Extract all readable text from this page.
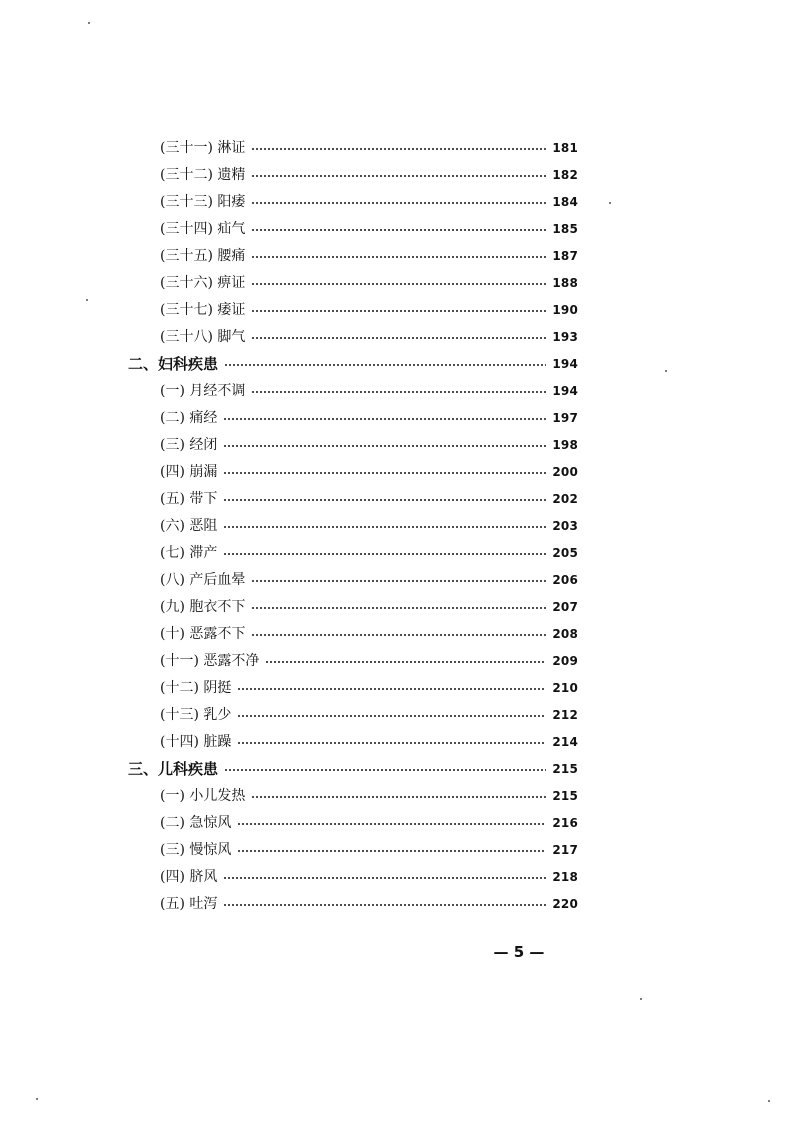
(三十一) 淋证	181
(三十二) 遗精	182
(三十三) 阳痿	184
(三十四) 疝气	185
(三十五) 腰痛	187
(三十六) 痹证	188
(三十七) 痿证	190
(三十八) 脚气	193
二、妇科疾患	194
(一) 月经不调	194
(二) 痛经	197
(三) 经闭	198
(四) 崩漏	200
(五) 带下	202
(六) 恶阻	203
(七) 滞产	205
(八) 产后血晕	206
(九) 胞衣不下	207
(十) 恶露不下	208
(十一) 恶露不净	209
(十二) 阴挺	210
(十三) 乳少	212
(十四) 脏躁	214
三、儿科疾患	215
(一) 小儿发热	215
(二) 急惊风	216
(三) 慢惊风	217
(四) 脐风	218
(五) 吐泻	220
— 5 —
